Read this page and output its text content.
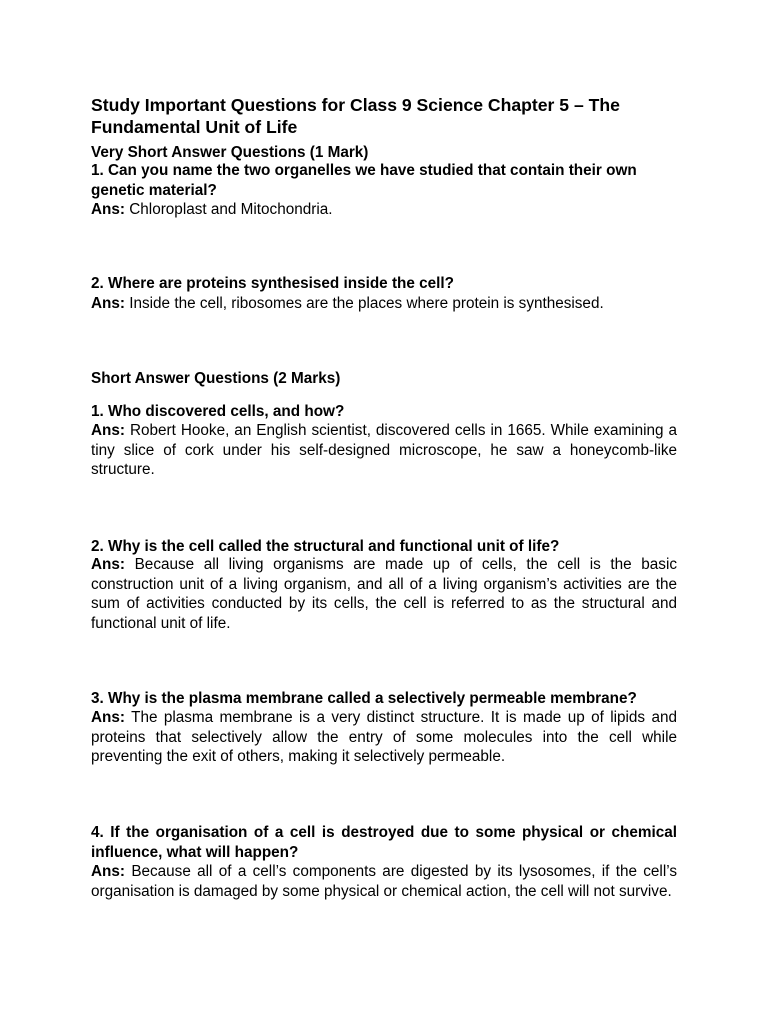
Study Important Questions for Class 9 Science Chapter 5 – The Fundamental Unit of Life
Very Short Answer Questions (1 Mark)
1. Can you name the two organelles we have studied that contain their own genetic material?
Ans: Chloroplast and Mitochondria.
2. Where are proteins synthesised inside the cell?
Ans: Inside the cell, ribosomes are the places where protein is synthesised.
Short Answer Questions (2 Marks)
1. Who discovered cells, and how?
Ans: Robert Hooke, an English scientist, discovered cells in 1665. While examining a tiny slice of cork under his self-designed microscope, he saw a honeycomb-like structure.
2. Why is the cell called the structural and functional unit of life?
Ans: Because all living organisms are made up of cells, the cell is the basic construction unit of a living organism, and all of a living organism’s activities are the sum of activities conducted by its cells, the cell is referred to as the structural and functional unit of life.
3. Why is the plasma membrane called a selectively permeable membrane?
Ans: The plasma membrane is a very distinct structure. It is made up of lipids and proteins that selectively allow the entry of some molecules into the cell while preventing the exit of others, making it selectively permeable.
4. If the organisation of a cell is destroyed due to some physical or chemical influence, what will happen?
Ans: Because all of a cell’s components are digested by its lysosomes, if the cell’s organisation is damaged by some physical or chemical action, the cell will not survive.
